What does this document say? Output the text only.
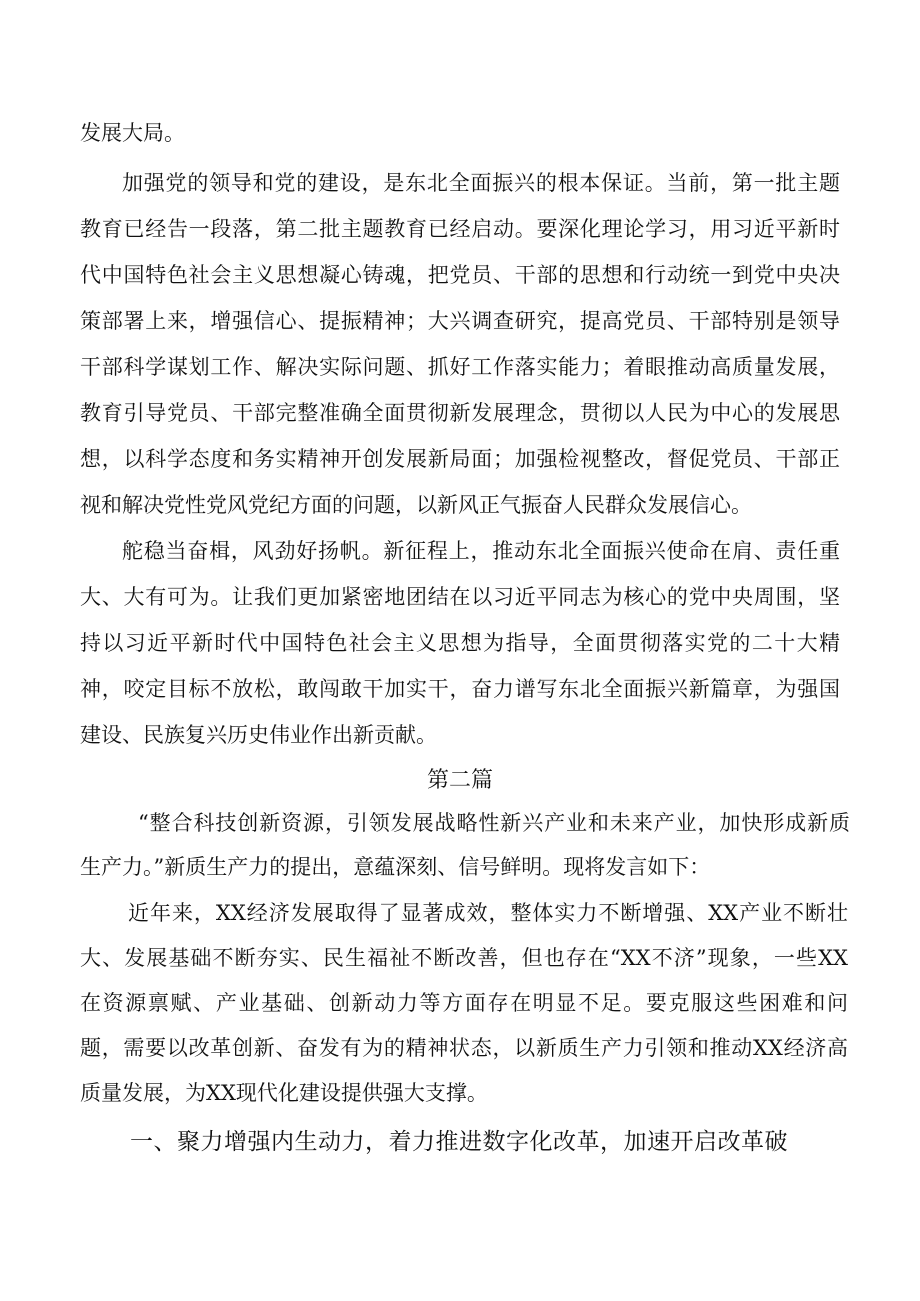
发展大局。
加强党的领导和党的建设，是东北全面振兴的根本保证。当前，第一批主题
教育已经告一段落，第二批主题教育已经启动。要深化理论学习，用习近平新时
代中国特色社会主义思想凝心铸魂，把党员、干部的思想和行动统一到党中央决
策部署上来，增强信心、提振精神；大兴调查研究，提高党员、干部特别是领导
干部科学谋划工作、解决实际问题、抓好工作落实能力；着眼推动高质量发展，
教育引导党员、干部完整准确全面贯彻新发展理念，贯彻以人民为中心的发展思
想，以科学态度和务实精神开创发展新局面；加强检视整改，督促党员、干部正
视和解决党性党风党纪方面的问题，以新风正气振奋人民群众发展信心。
舵稳当奋楫，风劲好扬帆。新征程上，推动东北全面振兴使命在肩、责任重
大、大有可为。让我们更加紧密地团结在以习近平同志为核心的党中央周围，坚
持以习近平新时代中国特色社会主义思想为指导，全面贯彻落实党的二十大精
神，咬定目标不放松，敢闯敢干加实干，奋力谱写东北全面振兴新篇章，为强国
建设、民族复兴历史伟业作出新贡献。
第二篇
“整合科技创新资源，引领发展战略性新兴产业和未来产业，加快形成新质
生产力。”新质生产力的提出，意蕴深刻、信号鲜明。现将发言如下：
近年来，XX经济发展取得了显著成效，整体实力不断增强、XX产业不断壮
大、发展基础不断夯实、民生福祉不断改善，但也存在“XX不济”现象，一些XX
在资源禀赋、产业基础、创新动力等方面存在明显不足。要克服这些困难和问
题，需要以改革创新、奋发有为的精神状态，以新质生产力引领和推动XX经济高
质量发展，为XX现代化建设提供强大支撑。
一、聚力增强内生动力，着力推进数字化改革，加速开启改革破
